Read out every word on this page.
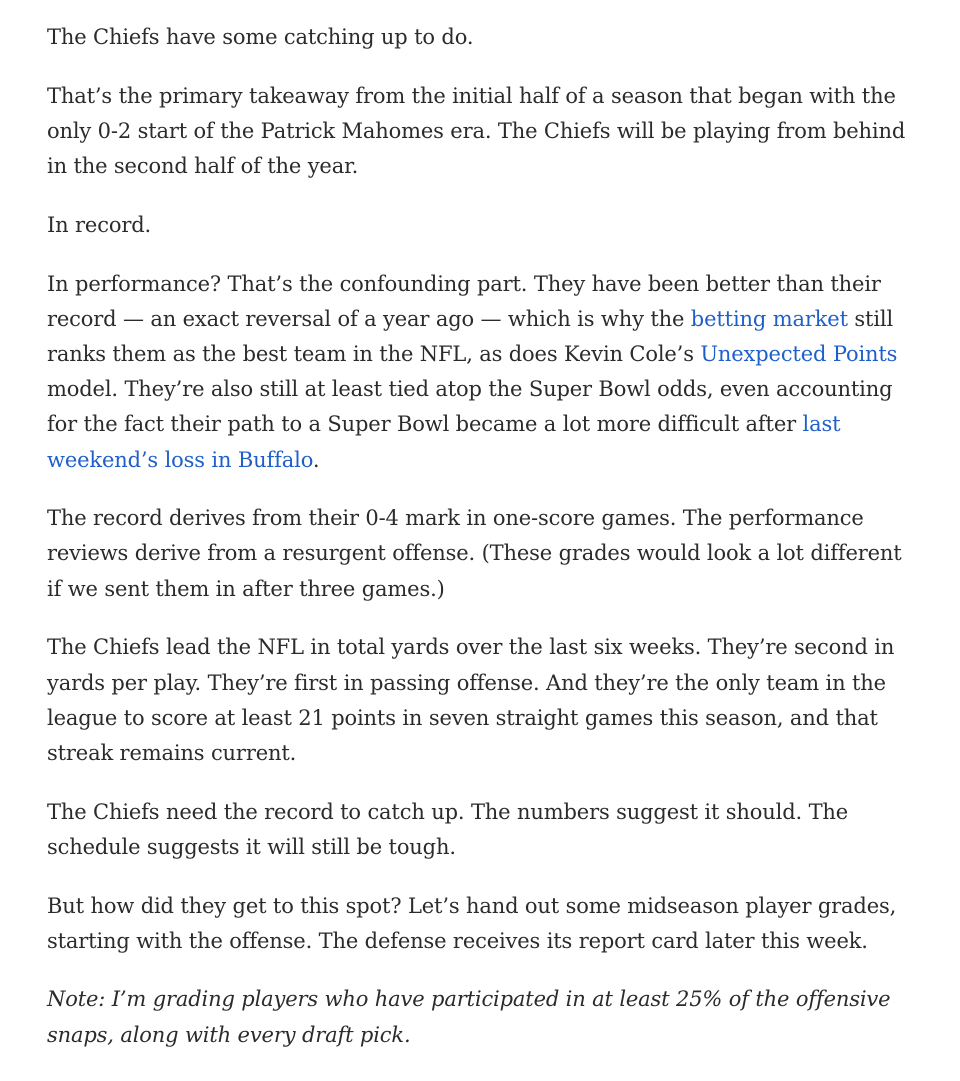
The Chiefs have some catching up to do.

That’s the primary takeaway from the initial half of a season that began with the only 0-2 start of the Patrick Mahomes era. The Chiefs will be playing from behind in the second half of the year.

In record.

In performance? That’s the confounding part. They have been better than their record — an exact reversal of a year ago — which is why the betting market still ranks them as the best team in the NFL, as does Kevin Cole’s Unexpected Points model. They’re also still at least tied atop the Super Bowl odds, even accounting for the fact their path to a Super Bowl became a lot more difficult after last weekend’s loss in Buffalo.

The record derives from their 0-4 mark in one-score games. The performance reviews derive from a resurgent offense. (These grades would look a lot different if we sent them in after three games.)

The Chiefs lead the NFL in total yards over the last six weeks. They’re second in yards per play. They’re first in passing offense. And they’re the only team in the league to score at least 21 points in seven straight games this season, and that streak remains current.

The Chiefs need the record to catch up. The numbers suggest it should. The schedule suggests it will still be tough.

But how did they get to this spot? Let’s hand out some midseason player grades, starting with the offense. The defense receives its report card later this week.

Note: I’m grading players who have participated in at least 25% of the offensive snaps, along with every draft pick.
